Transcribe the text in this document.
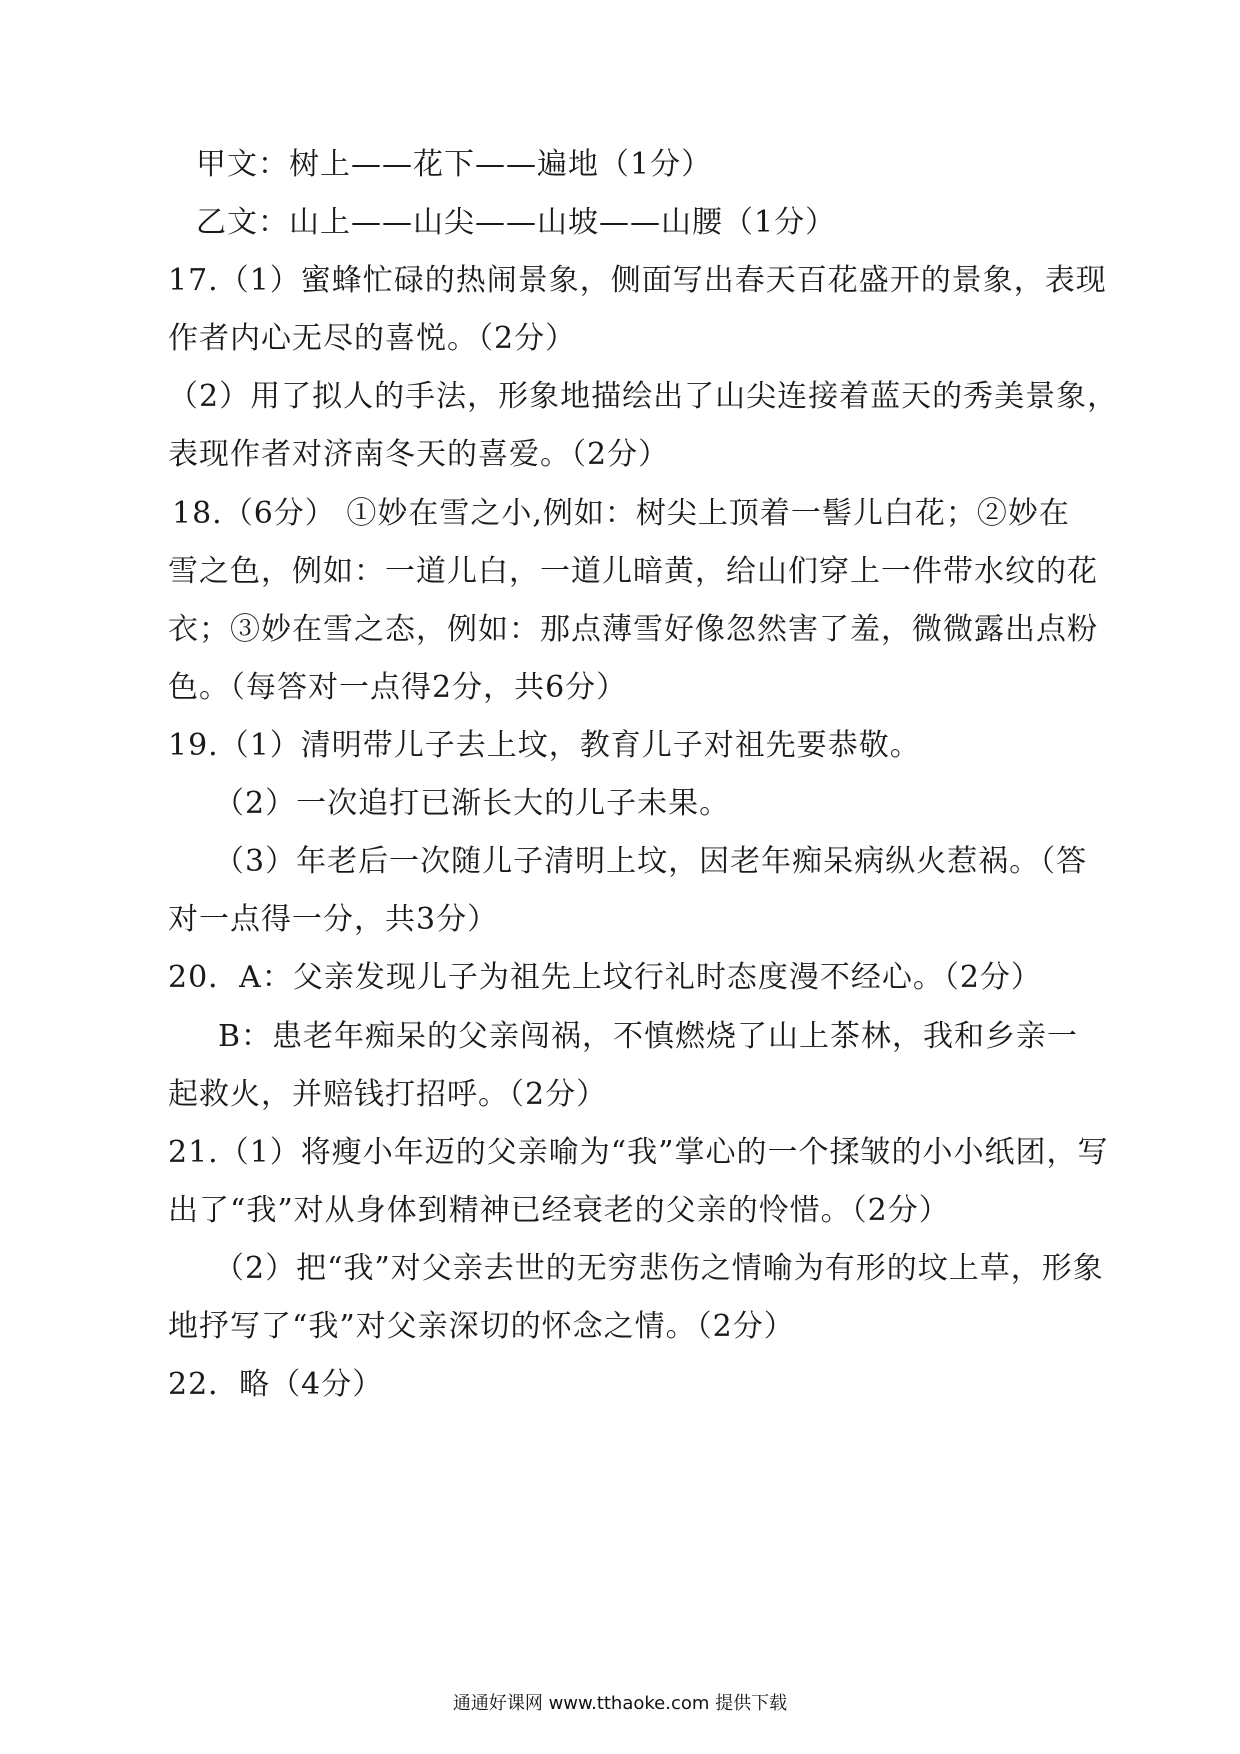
甲文：树上——花下——遍地（1分）
乙文：山上——山尖——山坡——山腰（1分）
17.（1）蜜蜂忙碌的热闹景象，侧面写出春天百花盛开的景象，表现
作者内心无尽的喜悦。（2分）
（2）用了拟人的手法，形象地描绘出了山尖连接着蓝天的秀美景象，
表现作者对济南冬天的喜爱。（2分）
18.（6分） ①妙在雪之小,例如：树尖上顶着一髻儿白花；②妙在
雪之色，例如：一道儿白，一道儿暗黄，给山们穿上一件带水纹的花
衣；③妙在雪之态，例如：那点薄雪好像忽然害了羞，微微露出点粉
色。（每答对一点得2分，共6分）
19.（1）清明带儿子去上坟，教育儿子对祖先要恭敬。
（2）一次追打已渐长大的儿子未果。
（3）年老后一次随儿子清明上坟，因老年痴呆病纵火惹祸。（答
对一点得一分，共3分）
20．A：父亲发现儿子为祖先上坟行礼时态度漫不经心。（2分）
B：患老年痴呆的父亲闯祸，不慎燃烧了山上茶林，我和乡亲一
起救火，并赔钱打招呼。（2分）
21.（1）将瘦小年迈的父亲喻为“我”掌心的一个揉皱的小小纸团，写
出了“我”对从身体到精神已经衰老的父亲的怜惜。（2分）
（2）把“我”对父亲去世的无穷悲伤之情喻为有形的坟上草，形象
地抒写了“我”对父亲深切的怀念之情。（2分）
22．略（4分）
通通好课网 www.tthaoke.com 提供下载
